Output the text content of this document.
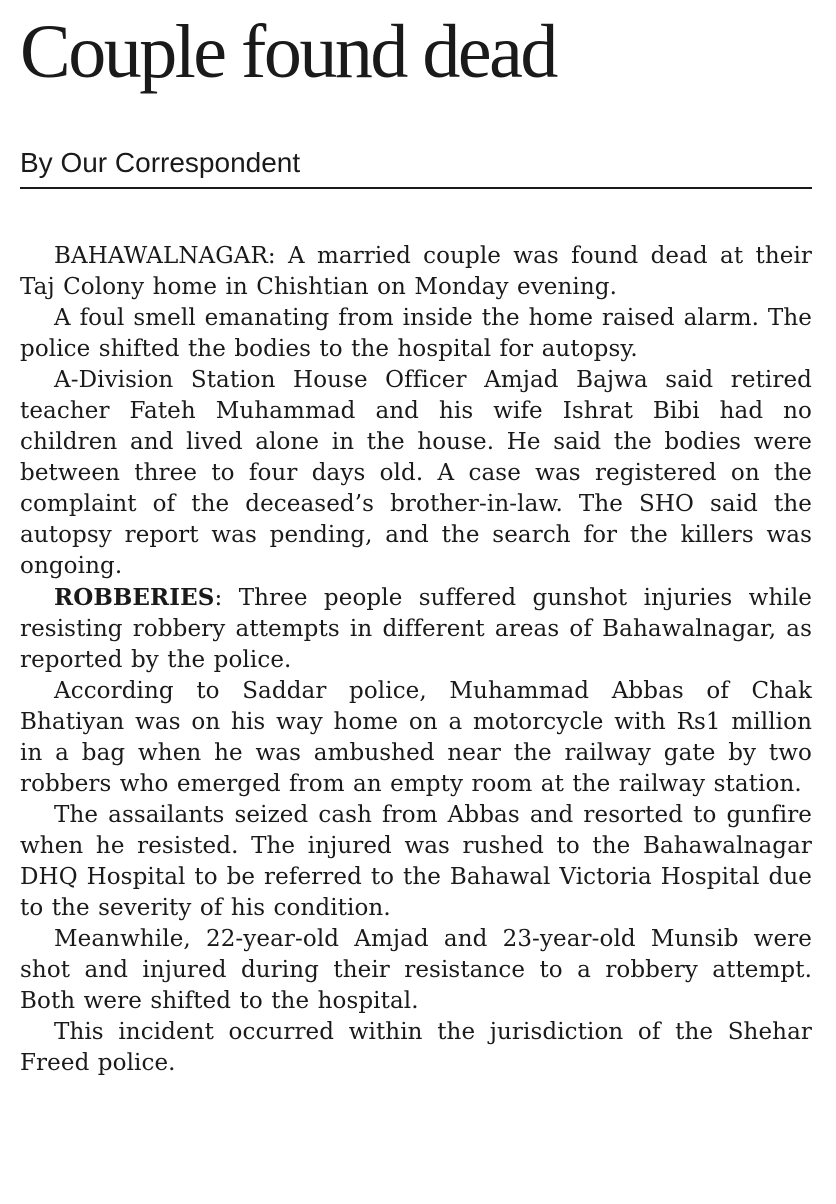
Couple found dead
By Our Correspondent

BAHAWALNAGAR: A married couple was found dead at their Taj Colony home in Chishtian on Monday evening.

A foul smell emanating from inside the home raised alarm. The police shifted the bodies to the hospital for autopsy.

A-Division Station House Officer Amjad Bajwa said retired teacher Fateh Muhammad and his wife Ishrat Bibi had no children and lived alone in the house. He said the bodies were between three to four days old. A case was registered on the complaint of the deceased’s brother-in-law. The SHO said the autopsy report was pending, and the search for the killers was ongoing.

ROBBERIES: Three people suffered gunshot injuries while resisting robbery attempts in different areas of Bahawalnagar, as reported by the police.

According to Saddar police, Muhammad Abbas of Chak Bhatiyan was on his way home on a motorcycle with Rs1 million in a bag when he was ambushed near the railway gate by two robbers who emerged from an empty room at the railway station.

The assailants seized cash from Abbas and resorted to gunfire when he resisted. The injured was rushed to the Bahawalnagar DHQ Hospital to be referred to the Bahawal Victoria Hospital due to the severity of his condition.

Meanwhile, 22-year-old Amjad and 23-year-old Munsib were shot and injured during their resistance to a robbery attempt. Both were shifted to the hospital.

This incident occurred within the jurisdiction of the Shehar Freed police.
